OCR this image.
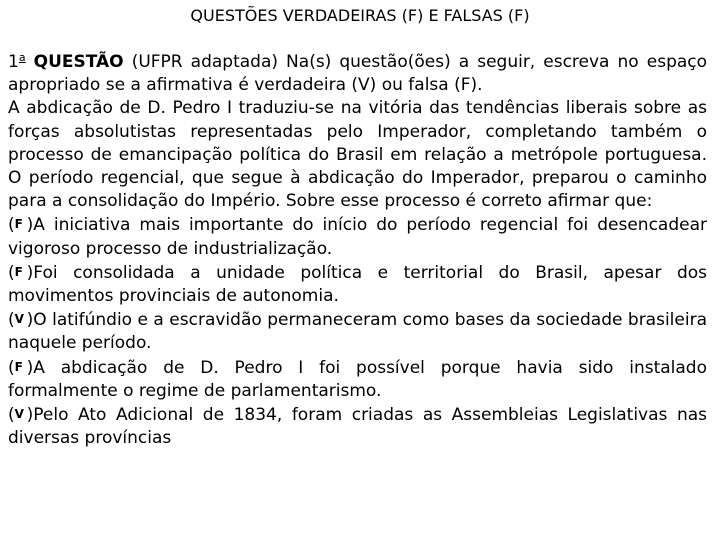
QUESTÕES VERDADEIRAS (F) E FALSAS (F)

1$^a$ QUESTÃO (UFPR adaptada) Na(s) questão(ões) a seguir, escreva no espaço apropriado se a afirmativa é verdadeira (V) ou falsa (F).

A abdicação de D. Pedro I traduziu-se na vitória das tendências liberais sobre as forças absolutistas representadas pelo Imperador, completando também o processo de emancipação política do Brasil em relação a metrópole portuguesa. O período regencial, que segue à abdicação do Imperador, preparou o caminho para a consolidação do Império. Sobre esse processo é correto afirmar que:

(F )A iniciativa mais importante do início do período regencial foi desencadear vigoroso processo de industrialização.

(F )Foi consolidada a unidade política e territorial do Brasil, apesar dos movimentos provinciais de autonomia.

(V )O latifúndio e a escravidão permaneceram como bases da sociedade brasileira naquele período.

(F )A abdicação de D. Pedro I foi possível porque havia sido instalado formalmente o regime de parlamentarismo.

(V )Pelo Ato Adicional de 1834, foram criadas as Assembleias Legislativas nas diversas províncias
